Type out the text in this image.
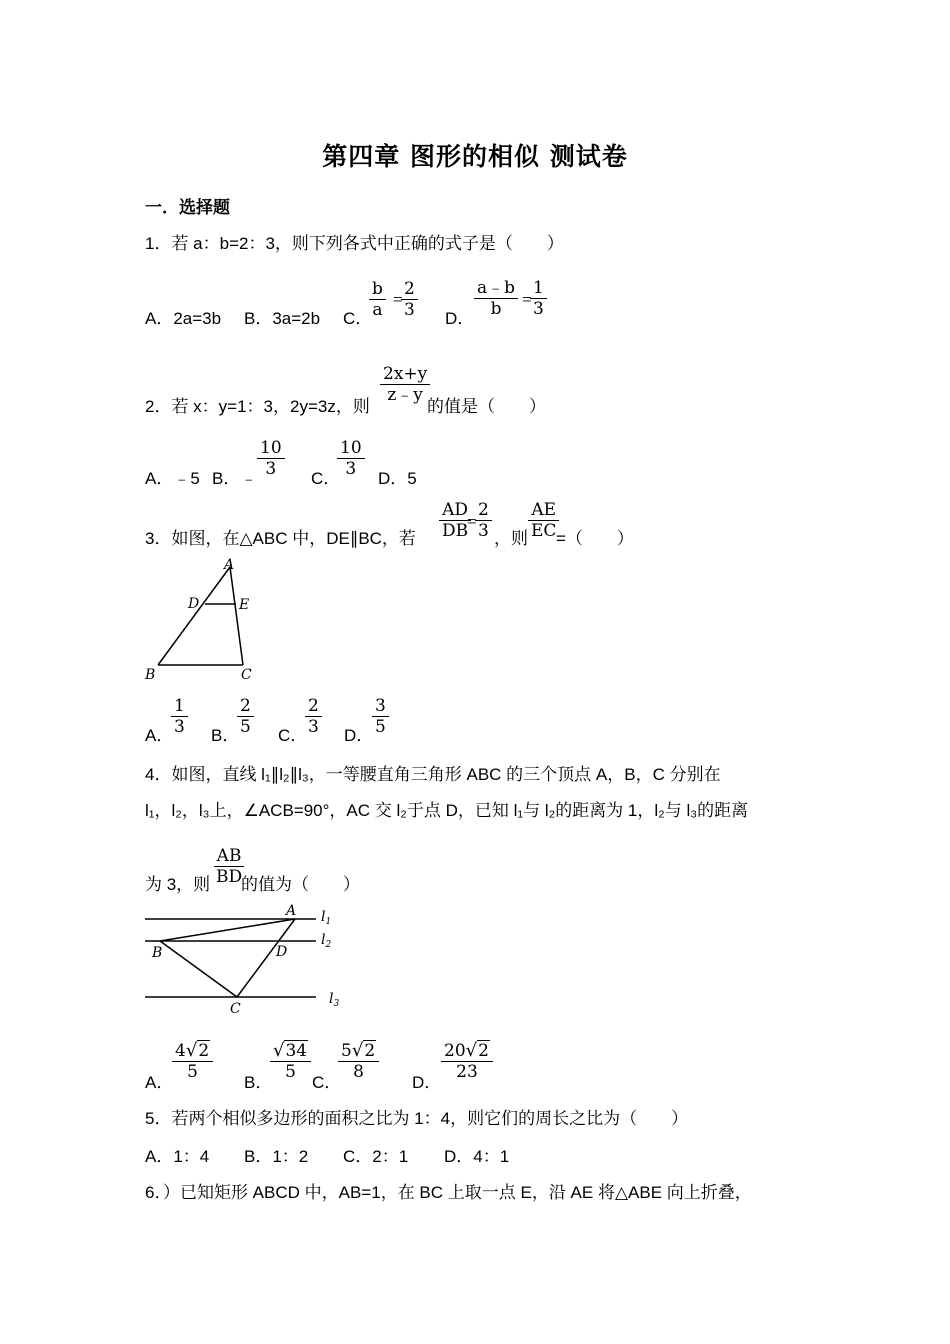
第四章 图形的相似 测试卷
一．选择题
1．若 a：b=2：3，则下列各式中正确的式子是（　　）
A．2a=3b B．3a=2b C．
$\frac{b}{a}$ =
$\frac{2}{3}$ D． $\frac{a﹣b}{b}$ =
$\frac{1}{3}$
2．若 x：y=1：3，2y=3z，则
$\frac{2x+y}{z﹣y}$
的值是（　　）
A．﹣5 B．﹣ $\frac{10}{3}$ C．
$\frac{10}{3}$ D．5
3．如图，在△ABC 中，DE∥BC，若 $\frac{AD}{DB}$
=
$\frac{2}{3}$ ，则 $\frac{AE}{EC}$
=（　　）
A
D	E
B	C
A．
$\frac{1}{3}$ B．
$\frac{2}{5}$ C．
$\frac{2}{3}$ D．
$\frac{3}{5}$
4．如图，直线 l₁∥l₂∥l₃，一等腰直角三角形 ABC 的三个顶点 A，B，C 分别在
l₁，l₂，l₃上，∠ACB=90°，AC 交 l₂于点 D，已知 l₁与 l₂的距离为 1，l₂与 l₃的距离
为 3，则 $\frac{AB}{BD}$
的值为（　　）
A
B	D
C
$l_1$
$l_2$
$l_3$
A．
$\frac{4√2}{5}$
B．
$\frac{√34}{5}$
C．
$\frac{5√2}{8}$
D．
$\frac{20√2}{23}$
5．若两个相似多边形的面积之比为 1：4，则它们的周长之比为（　　）
A．1：4 B．1：2 C．2：1 D．4：1
6．）已知矩形 ABCD 中，AB=1，在 BC 上取一点 E，沿 AE 将△ABE 向上折叠，
